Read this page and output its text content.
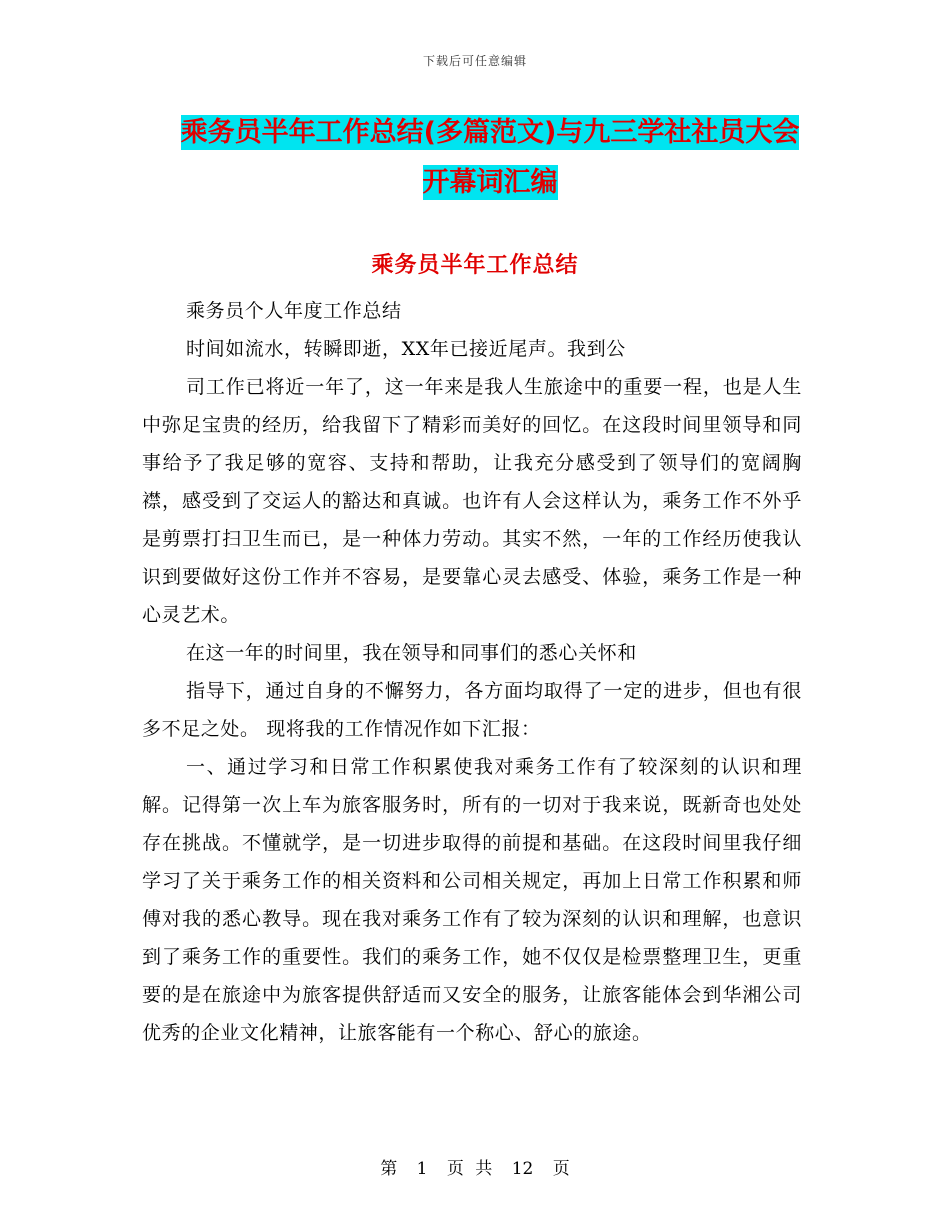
下载后可任意编辑
乘务员半年工作总结(多篇范文)与九三学社社员大会
开幕词汇编
乘务员半年工作总结

乘务员个人年度工作总结

时间如流水，转瞬即逝，XX年已接近尾声。我到公

司工作已将近一年了，这一年来是我人生旅途中的重要一程，也是人生中弥足宝贵的经历，给我留下了精彩而美好的回忆。在这段时间里领导和同事给予了我足够的宽容、支持和帮助，让我充分感受到了领导们的宽阔胸襟，感受到了交运人的豁达和真诚。也许有人会这样认为，乘务工作不外乎是剪票打扫卫生而已，是一种体力劳动。其实不然，一年的工作经历使我认识到要做好这份工作并不容易，是要靠心灵去感受、体验，乘务工作是一种心灵艺术。

在这一年的时间里，我在领导和同事们的悉心关怀和

指导下，通过自身的不懈努力，各方面均取得了一定的进步，但也有很多不足之处。 现将我的工作情况作如下汇报：

一、通过学习和日常工作积累使我对乘务工作有了较深刻的认识和理解。记得第一次上车为旅客服务时，所有的一切对于我来说，既新奇也处处存在挑战。不懂就学，是一切进步取得的前提和基础。在这段时间里我仔细学习了关于乘务工作的相关资料和公司相关规定，再加上日常工作积累和师傅对我的悉心教导。现在我对乘务工作有了较为深刻的认识和理解，也意识到了乘务工作的重要性。我们的乘务工作，她不仅仅是检票整理卫生，更重要的是在旅途中为旅客提供舒适而又安全的服务，让旅客能体会到华湘公司优秀的企业文化精神，让旅客能有一个称心、舒心的旅途。

第 1 页 共 12 页
